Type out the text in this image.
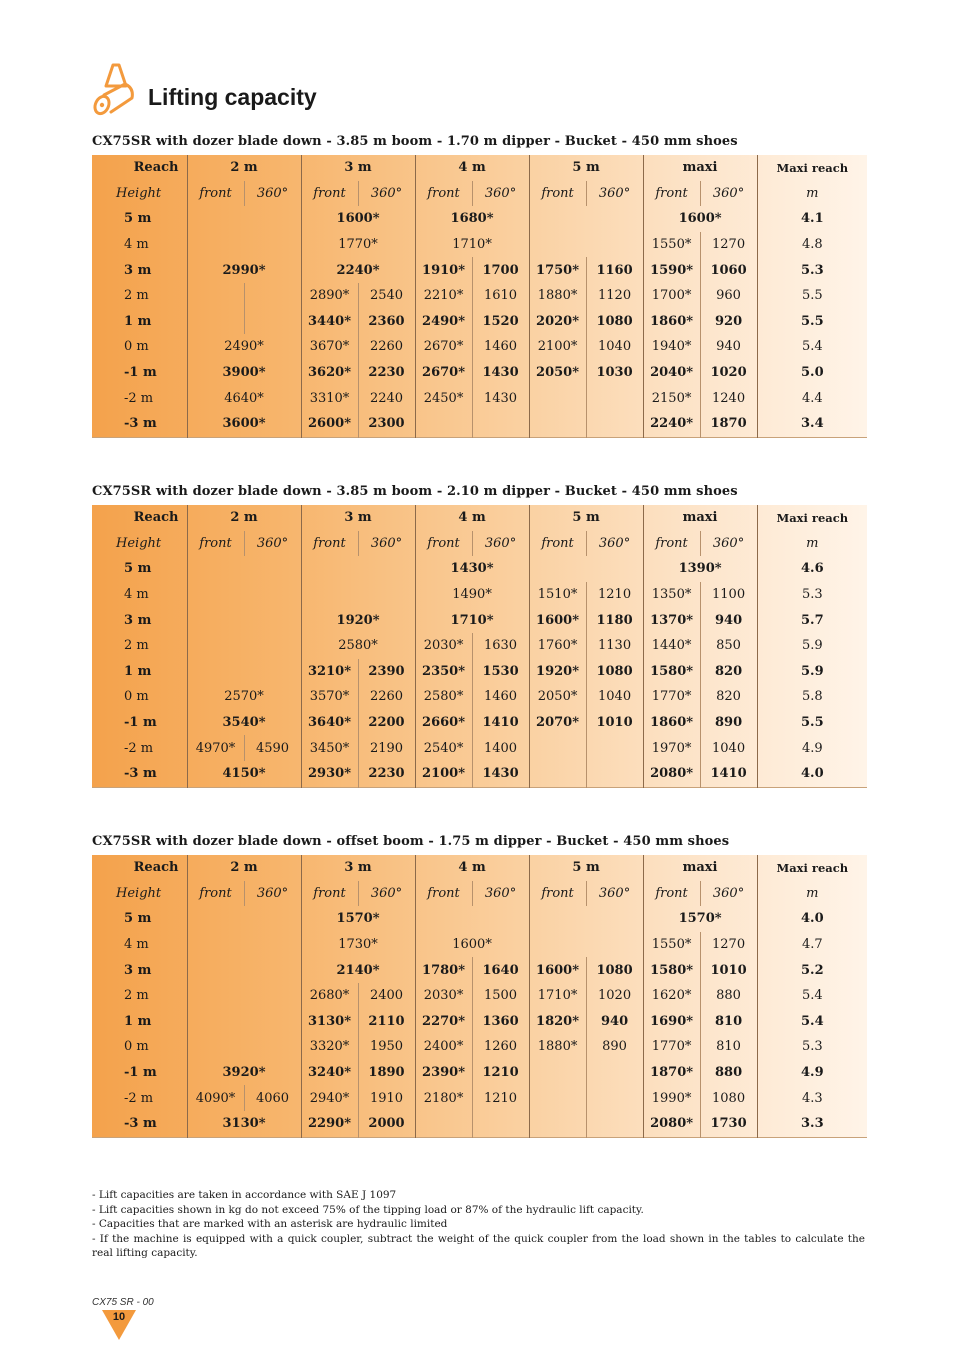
Lifting capacity
CX75SR with dozer blade down - 3.85 m boom - 1.70 m dipper - Bucket - 450 mm shoes
Reach	2 m		3 m		4 m		5 m		maxi		Maxi reach
Height	front	360°	front	360°	front	360°	front	360°	front	360°	m
5 m			1600*		1680*				1600*		4.1
4 m			1770*		1710*				1550*	1270	4.8
3 m	2990*		2240*		1910*	1700	1750*	1160	1590*	1060	5.3
2 m			2890*	2540	2210*	1610	1880*	1120	1700*	960	5.5
1 m			3440*	2360	2490*	1520	2020*	1080	1860*	920	5.5
0 m	2490*		3670*	2260	2670*	1460	2100*	1040	1940*	940	5.4
-1 m	3900*		3620*	2230	2670*	1430	2050*	1030	2040*	1020	5.0
-2 m	4640*		3310*	2240	2450*	1430			2150*	1240	4.4
-3 m	3600*		2600*	2300					2240*	1870	3.4
CX75SR with dozer blade down - 3.85 m boom - 2.10 m dipper - Bucket - 450 mm shoes
Reach	2 m		3 m		4 m		5 m		maxi		Maxi reach
Height	front	360°	front	360°	front	360°	front	360°	front	360°	m
5 m					1430*				1390*		4.6
4 m					1490*		1510*	1210	1350*	1100	5.3
3 m			1920*		1710*		1600*	1180	1370*	940	5.7
2 m			2580*		2030*	1630	1760*	1130	1440*	850	5.9
1 m			3210*	2390	2350*	1530	1920*	1080	1580*	820	5.9
0 m	2570*		3570*	2260	2580*	1460	2050*	1040	1770*	820	5.8
-1 m	3540*		3640*	2200	2660*	1410	2070*	1010	1860*	890	5.5
-2 m	4970*	4590	3450*	2190	2540*	1400			1970*	1040	4.9
-3 m	4150*		2930*	2230	2100*	1430			2080*	1410	4.0
CX75SR with dozer blade down - offset boom - 1.75 m dipper - Bucket - 450 mm shoes
Reach	2 m		3 m		4 m		5 m		maxi		Maxi reach
Height	front	360°	front	360°	front	360°	front	360°	front	360°	m
5 m			1570*						1570*		4.0
4 m			1730*		1600*				1550*	1270	4.7
3 m			2140*		1780*	1640	1600*	1080	1580*	1010	5.2
2 m			2680*	2400	2030*	1500	1710*	1020	1620*	880	5.4
1 m			3130*	2110	2270*	1360	1820*	940	1690*	810	5.4
0 m			3320*	1950	2400*	1260	1880*	890	1770*	810	5.3
-1 m	3920*		3240*	1890	2390*	1210			1870*	880	4.9
-2 m	4090*	4060	2940*	1910	2180*	1210			1990*	1080	4.3
-3 m	3130*		2290*	2000					2080*	1730	3.3
- Lift capacities are taken in accordance with SAE J 1097
- Lift capacities shown in kg do not exceed 75% of the tipping load or 87% of the hydraulic lift capacity.
- Capacities that are marked with an asterisk are hydraulic limited
- If the machine is equipped with a quick coupler, subtract the weight of the quick coupler from the load shown in the tables to calculate the real lifting capacity.
CX75 SR - 00
10
